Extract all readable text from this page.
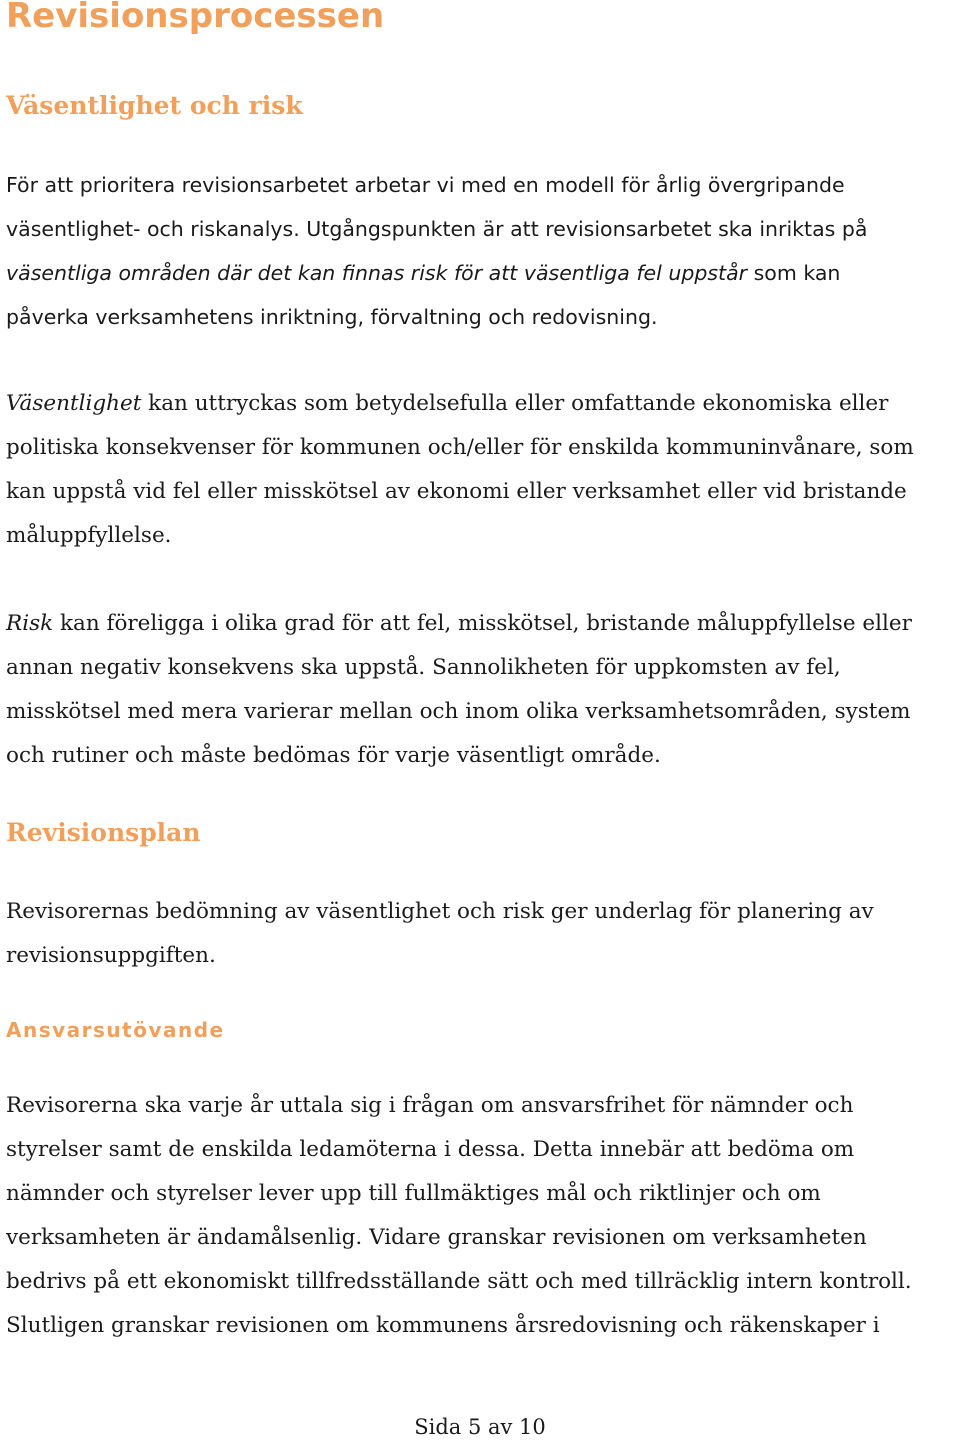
Revisionsprocessen
Väsentlighet och risk
För att prioritera revisionsarbetet arbetar vi med en modell för årlig övergripande
väsentlighet- och riskanalys. Utgångspunkten är att revisionsarbetet ska inriktas på
väsentliga områden där det kan finnas risk för att väsentliga fel uppstår som kan
påverka verksamhetens inriktning, förvaltning och redovisning.
Väsentlighet kan uttryckas som betydelsefulla eller omfattande ekonomiska eller
politiska konsekvenser för kommunen och/eller för enskilda kommuninvånare, som
kan uppstå vid fel eller misskötsel av ekonomi eller verksamhet eller vid bristande
måluppfyllelse.
Risk kan föreligga i olika grad för att fel, misskötsel, bristande måluppfyllelse eller
annan negativ konsekvens ska uppstå. Sannolikheten för uppkomsten av fel,
misskötsel med mera varierar mellan och inom olika verksamhetsområden, system
och rutiner och måste bedömas för varje väsentligt område.
Revisionsplan
Revisorernas bedömning av väsentlighet och risk ger underlag för planering av
revisionsuppgiften.
Ansvarsutövande
Revisorerna ska varje år uttala sig i frågan om ansvarsfrihet för nämnder och
styrelser samt de enskilda ledamöterna i dessa. Detta innebär att bedöma om
nämnder och styrelser lever upp till fullmäktiges mål och riktlinjer och om
verksamheten är ändamålsenlig. Vidare granskar revisionen om verksamheten
bedrivs på ett ekonomiskt tillfredsställande sätt och med tillräcklig intern kontroll.
Slutligen granskar revisionen om kommunens årsredovisning och räkenskaper i
Sida 5 av 10
